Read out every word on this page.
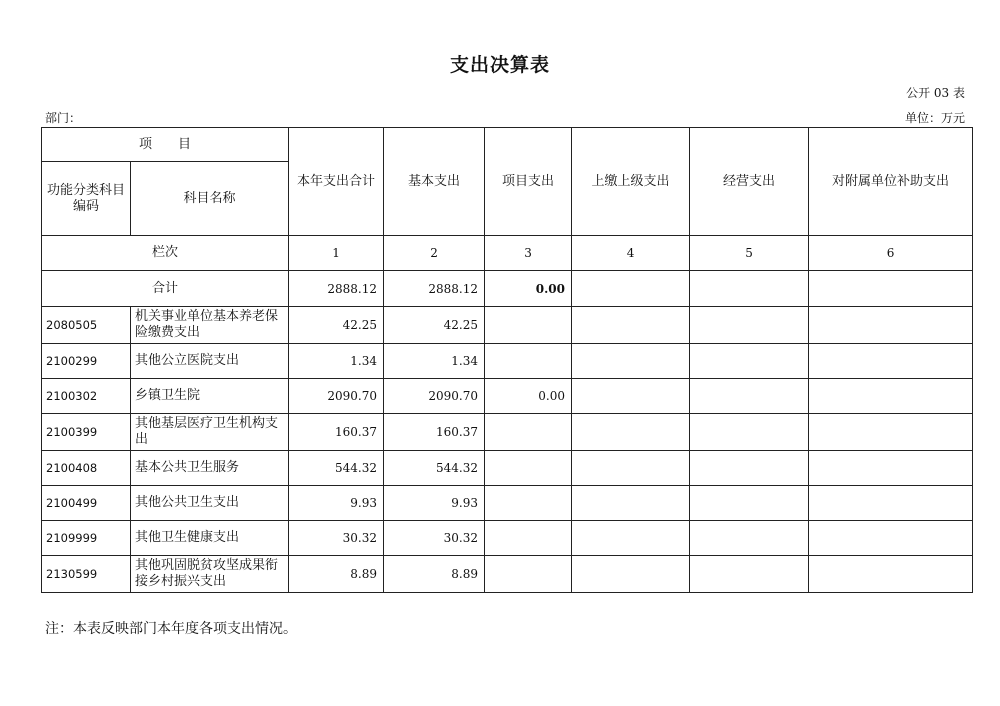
支出决算表
公开 03 表
部门：	单位：万元
项　　目		本年支出合计	基本支出	项目支出	上缴上级支出	经营支出	对附属单位补助支出
功能分类科目编码	科目名称						
栏次		1	2	3	4	5	6
合计		2888.12	2888.12	0.00			
2080505	机关事业单位基本养老保险缴费支出	42.25	42.25				
2100299	其他公立医院支出	1.34	1.34				
2100302	乡镇卫生院	2090.70	2090.70	0.00			
2100399	其他基层医疗卫生机构支出	160.37	160.37				
2100408	基本公共卫生服务	544.32	544.32				
2100499	其他公共卫生支出	9.93	9.93				
2109999	其他卫生健康支出	30.32	30.32				
2130599	其他巩固脱贫攻坚成果衔接乡村振兴支出	8.89	8.89				
注：本表反映部门本年度各项支出情况。
